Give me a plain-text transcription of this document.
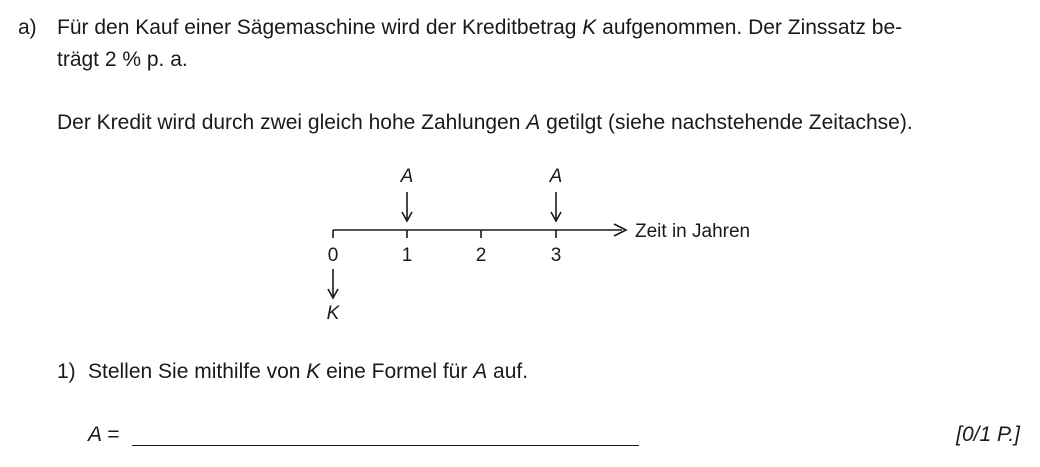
a) Für den Kauf einer Sägemaschine wird der Kreditbetrag K aufgenommen. Der Zinssatz be-
trägt 2 % p. a.
Der Kredit wird durch zwei gleich hohe Zahlungen A getilgt (siehe nachstehende Zeitachse).
0	1	2	3
Zeit in Jahren
A	A
K
1) Stellen Sie mithilfe von K eine Formel für A auf.
A =	[0/1 P.]
